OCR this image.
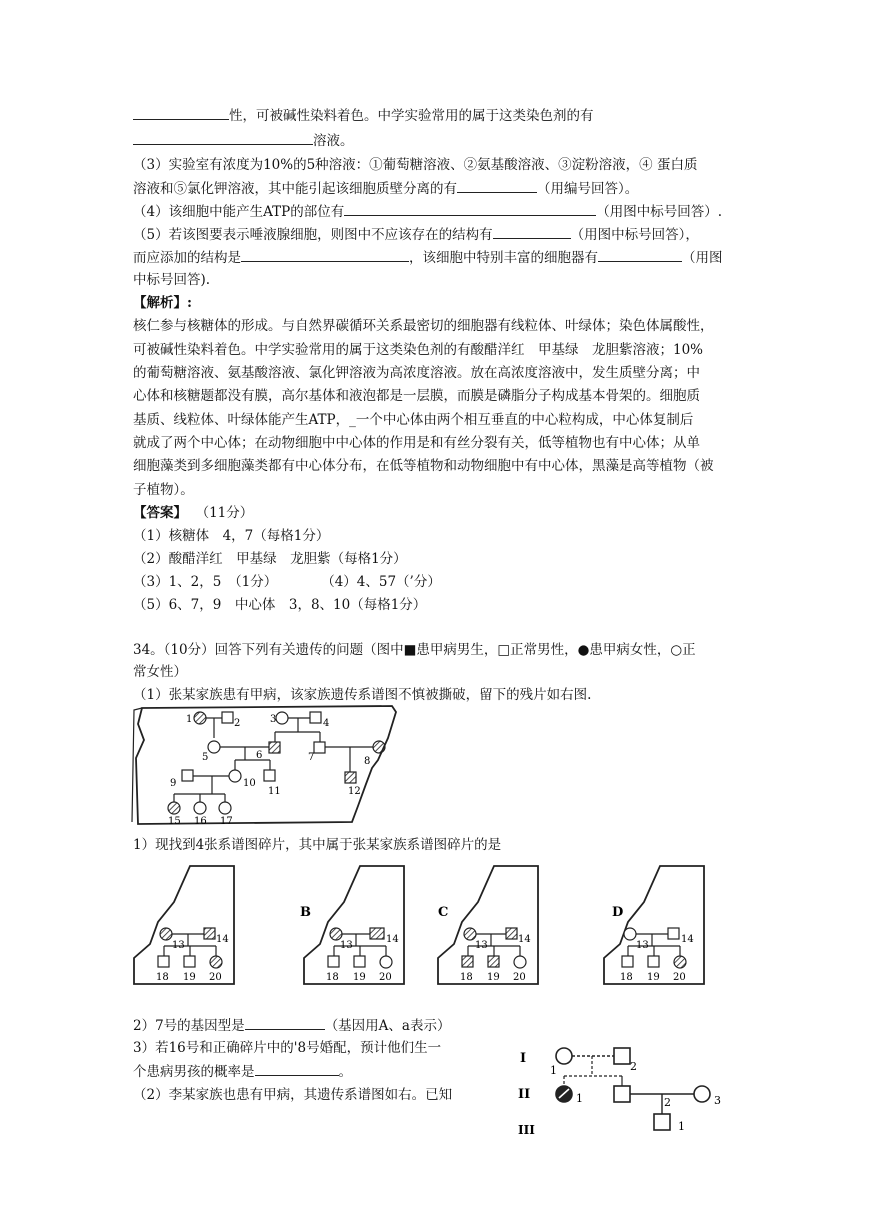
性，可被碱性染料着色。中学实验常用的属于这类染色剂的有
溶液。
（3）实验室有浓度为10%的5种溶液：①葡萄糖溶液、②氨基酸溶液、③淀粉溶液，④ 蛋白质
溶液和⑤氯化钾溶液，其中能引起该细胞质壁分离的有	（用编号回答）。
（4）该细胞中能产生ATP的部位有	（用图中标号回答）.
（5）若该图要表示唾液腺细胞，则图中不应该存在的结构有	（用图中标号回答），
而应添加的结构是	，该细胞中特别丰富的细胞器有	（用图
中标号回答).
【解析】:
核仁参与核糖体的形成。与自然界碳循环关系最密切的细胞器有线粒体、叶绿体；染色体属酸性，
可被碱性染料着色。中学实验常用的属于这类染色剂的有酸醋洋红　甲基绿　龙胆紫溶液；10%
的葡萄糖溶液、氨基酸溶液、氯化钾溶液为高浓度溶液。放在高浓度溶液中，发生质壁分离；中
心体和核糖题都没有膜，高尔基体和液泡都是一层膜，而膜是磷脂分子构成基本骨架的。细胞质
基质、线粒体、叶绿体能产生ATP，_一个中心体由两个相互垂直的中心粒构成，中心体复制后
就成了两个中心体；在动物细胞中中心体的作用是和有丝分裂有关，低等植物也有中心体；从单
细胞藻类到多细胞藻类都有中心体分布，在低等植物和动物细胞中有中心体，黑藻是高等植物（被
子植物）。
【答案】 （11分）
（1）核糖体　4，7（每格1分）
（2）酸醋洋红　甲基绿　龙胆紫（每格1分）
（3）1、2，5　（1分）	（4）4、57（’分）
（5）6、7，9　中心体　3，8、10（每格1分）
34。（10分）回答下列有关遗传的问题（图中■患甲病男生，□正常男性，●患甲病女性，○正
常女性）
（1）张某家族患有甲病，该家族遗传系谱图不慎被撕破，留下的残片如右图.
1	2	3	4
5	6	7	8
9	10
11	12
15 16 17
1）现找到4张系谱图碎片，其中属于张某家族系谱图碎片的是
13
14
18 19 20
B
13
14
18 19 20
C
13
14
18 19 20
D
13
14
18 19 20
2）7号的基因型是	（基因用A、a表示）
3）若16号和正确碎片中的'8号婚配，预计他们生一
个患病男孩的概率是	。
（2）李某家族也患有甲病，其遗传系谱图如右。已知
I
II
III
1	2
1	2	3
1
